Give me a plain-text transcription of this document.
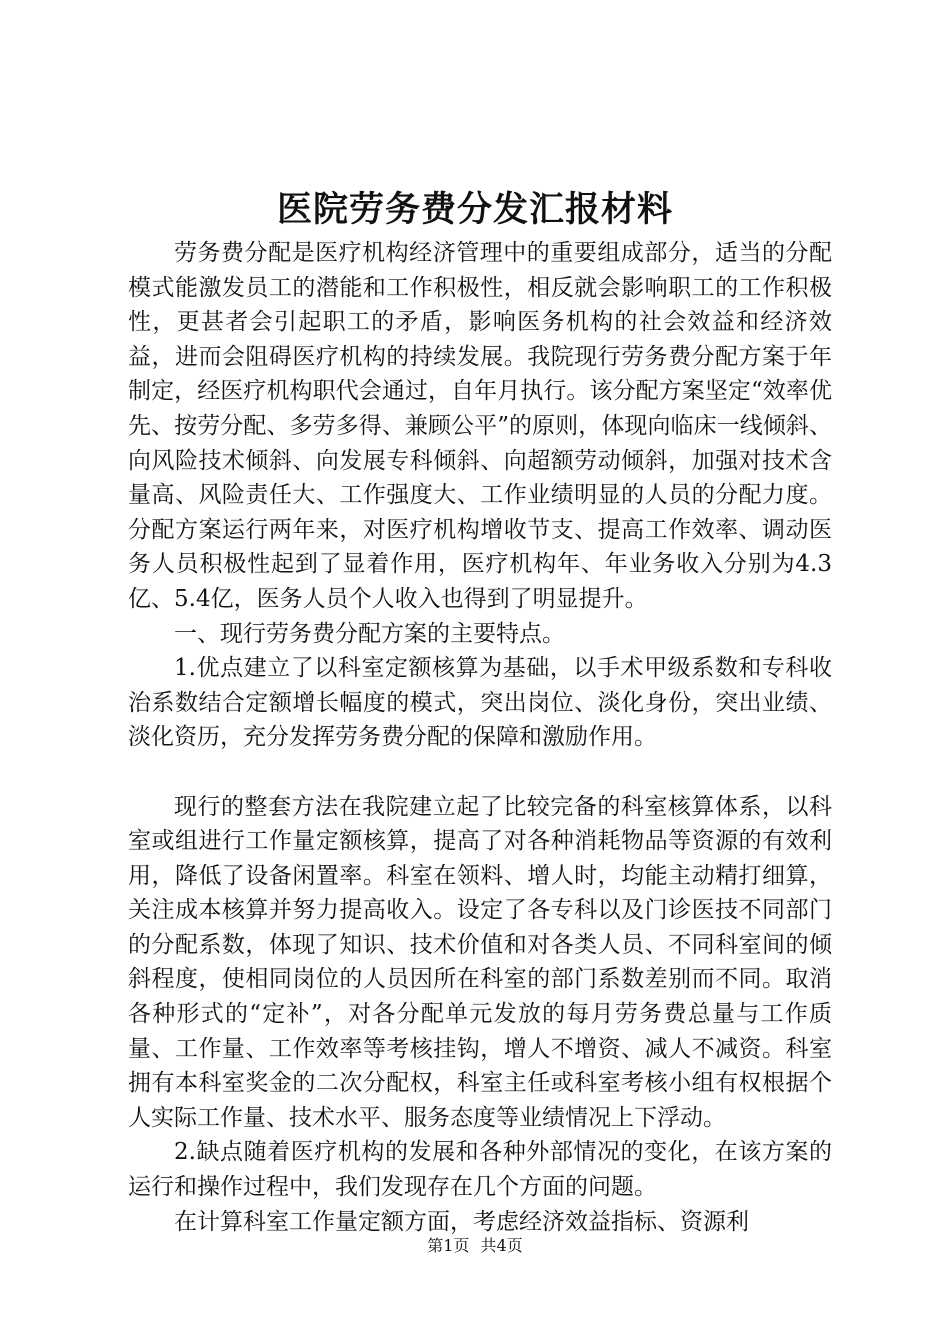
医院劳务费分发汇报材料

劳务费分配是医疗机构经济管理中的重要组成部分，适当的分配模式能激发员工的潜能和工作积极性，相反就会影响职工的工作积极性，更甚者会引起职工的矛盾，影响医务机构的社会效益和经济效益，进而会阻碍医疗机构的持续发展。我院现行劳务费分配方案于年制定，经医疗机构职代会通过，自年月执行。该分配方案坚定“效率优先、按劳分配、多劳多得、兼顾公平”的原则，体现向临床一线倾斜、向风险技术倾斜、向发展专科倾斜、向超额劳动倾斜，加强对技术含量高、风险责任大、工作强度大、工作业绩明显的人员的分配力度。分配方案运行两年来，对医疗机构增收节支、提高工作效率、调动医务人员积极性起到了显着作用，医疗机构年、年业务收入分别为4.3亿、5.4亿，医务人员个人收入也得到了明显提升。

一、现行劳务费分配方案的主要特点。

1.优点建立了以科室定额核算为基础，以手术甲级系数和专科收治系数结合定额增长幅度的模式，突出岗位、淡化身份，突出业绩、淡化资历，充分发挥劳务费分配的保障和激励作用。

现行的整套方法在我院建立起了比较完备的科室核算体系，以科室或组进行工作量定额核算，提高了对各种消耗物品等资源的有效利用，降低了设备闲置率。科室在领料、增人时，均能主动精打细算，关注成本核算并努力提高收入。设定了各专科以及门诊医技不同部门的分配系数，体现了知识、技术价值和对各类人员、不同科室间的倾斜程度，使相同岗位的人员因所在科室的部门系数差别而不同。取消各种形式的“定补”，对各分配单元发放的每月劳务费总量与工作质量、工作量、工作效率等考核挂钩，增人不增资、减人不减资。科室拥有本科室奖金的二次分配权，科室主任或科室考核小组有权根据个人实际工作量、技术水平、服务态度等业绩情况上下浮动。

2.缺点随着医疗机构的发展和各种外部情况的变化，在该方案的运行和操作过程中，我们发现存在几个方面的问题。

在计算科室工作量定额方面，考虑经济效益指标、资源利

第1页 共4页
